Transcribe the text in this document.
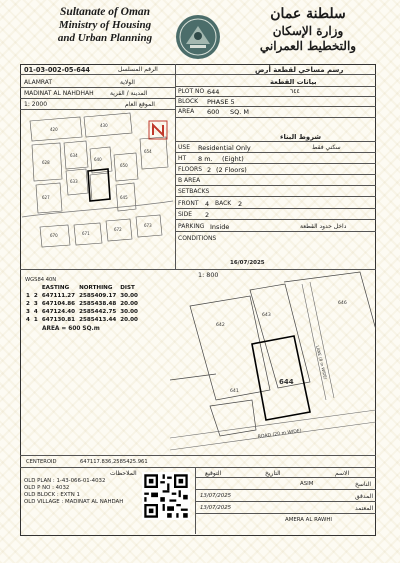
Sultanate of Oman
Ministry of Housing
and Urban Planning
سلطنة عمان
وزارة الإسكان
والتخطيط العمراني
01-03-002-05-644	الرقم المسلسل	رسم مساحي لقطعة أرض
ALAMRAT	الولاية
MADINAT AL NAHDHAH	المدينة / القرية
1: 2000	الموقع العام
420
430
628
634
640
633
650
654
627	645
670	671
672
673
بيانات القطعة
PLOT NO 644	٦٤٤
BLOCK PHASE 5
AREA 600 SQ. M
شروط البناء
USE Residential Only	سكني فقط
HT 8 m. (Eight)
FLOORS 2 (2 Floors)
B AREA
SETBACKS
FRONT 4 BACK 2
SIDE 2
PARKING Inside	داخل حدود القطعة
CONDITIONS
16/07/2025
1: 800
WGS84 40N
		EASTING	NORTHING	DIST
1	2	647111.27	2585409.17	30.00
2	3	647104.86	2585438.48	20.00
3	4	647124.40	2585442.75	30.00
4	1	647130.81	2585413.44	20.00
AREA = 600 SQ.m
644
642
643
646
641
LANE (8 m WIDE)
ROAD (20 m WIDE)
CENTEROID	647117.836,2585425.961
الملاحظات
OLD PLAN : 1-43-066-01-4032
OLD P NO : 4032
OLD BLOCK : EXTN 1
OLD VILLAGE : MADINAT AL NAHDAH
التوقيع	التاريخ	الاسم
ASIM	الناسخ
13/07/2025	المدقق
13/07/2025	المعتمد
AMERA AL RAWHI
